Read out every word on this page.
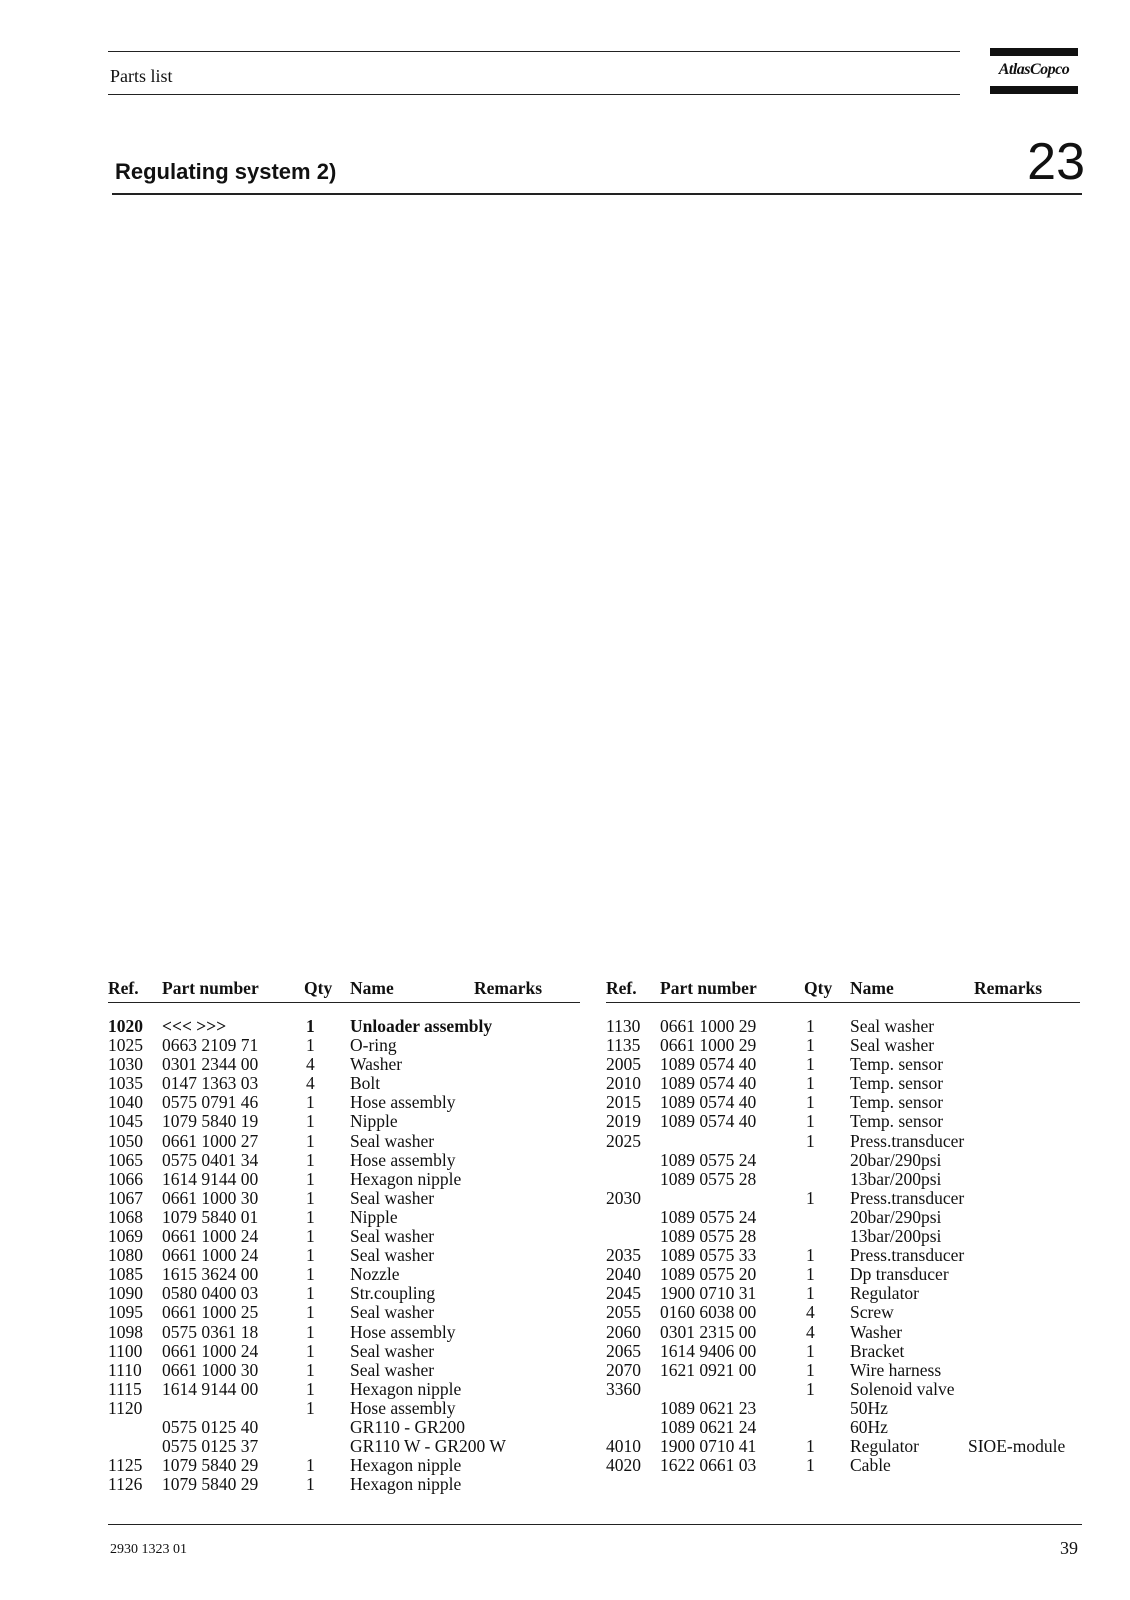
Parts list	AtlasCopco
Regulating system 2)	23
Ref. Part number	Qty Name	Remarks
1020 <<< >>>	1 Unloader assembly
1025 0663 2109 71	1 O-ring
1030 0301 2344 00	4 Washer
1035 0147 1363 03	4 Bolt
1040 0575 0791 46	1 Hose assembly
1045 1079 5840 19	1 Nipple
1050 0661 1000 27	1 Seal washer
1065 0575 0401 34	1 Hose assembly
1066 1614 9144 00	1 Hexagon nipple
1067 0661 1000 30	1 Seal washer
1068 1079 5840 01	1 Nipple
1069 0661 1000 24	1 Seal washer
1080 0661 1000 24	1 Seal washer
1085 1615 3624 00	1 Nozzle
1090 0580 0400 03	1 Str.coupling
1095 0661 1000 25	1 Seal washer
1098 0575 0361 18	1 Hose assembly
1100 0661 1000 24	1 Seal washer
1110 0661 1000 30	1 Seal washer
1115 1614 9144 00	1 Hexagon nipple
1120	1 Hose assembly
0575 0125 40	GR110 - GR200
0575 0125 37	GR110 W - GR200 W
1125 1079 5840 29	1 Hexagon nipple
1126 1079 5840 29	1 Hexagon nipple
Ref. Part number	Qty Name	Remarks
1130 0661 1000 29	1 Seal washer
1135 0661 1000 29	1 Seal washer
2005 1089 0574 40	1 Temp. sensor
2010 1089 0574 40	1 Temp. sensor
2015 1089 0574 40	1 Temp. sensor
2019 1089 0574 40	1 Temp. sensor
2025	1 Press.transducer
1089 0575 24	20bar/290psi
1089 0575 28	13bar/200psi
2030	1 Press.transducer
1089 0575 24	20bar/290psi
1089 0575 28	13bar/200psi
2035 1089 0575 33	1 Press.transducer
2040 1089 0575 20	1 Dp transducer
2045 1900 0710 31	1 Regulator
2055 0160 6038 00	4 Screw
2060 0301 2315 00	4 Washer
2065 1614 9406 00	1 Bracket
2070 1621 0921 00	1 Wire harness
3360	1 Solenoid valve
1089 0621 23	50Hz
1089 0621 24	60Hz
4010 1900 0710 41	1 Regulator	SIOE-module
4020 1622 0661 03	1 Cable
2930 1323 01	39
